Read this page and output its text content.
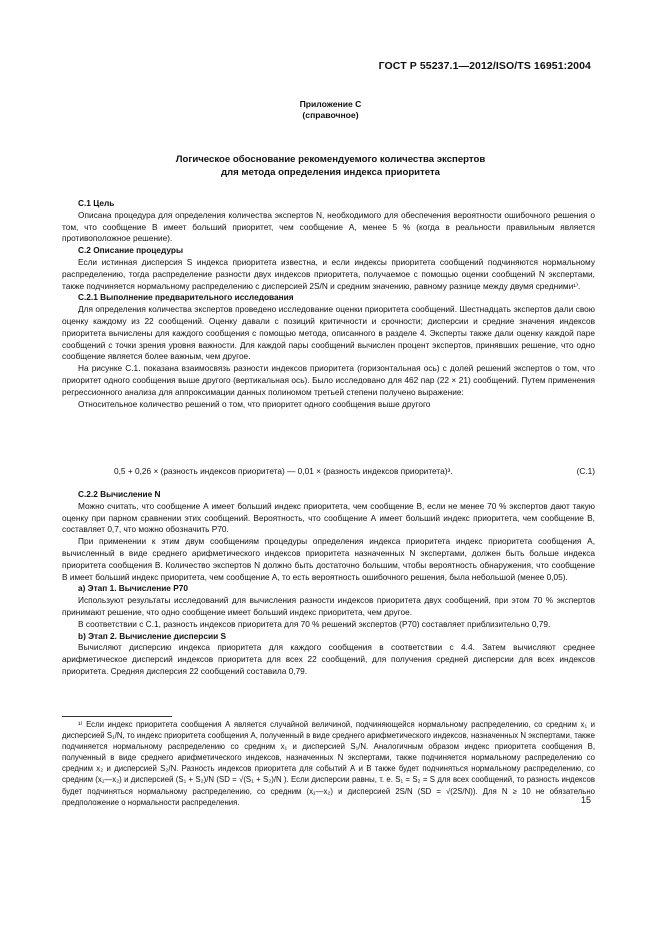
ГОСТ Р 55237.1—2012/ISO/TS 16951:2004
Приложение С
(справочное)
Логическое обоснование рекомендуемого количества экспертов
для метода определения индекса приоритета

С.1 Цель

Описана процедура для определения количества экспертов N, необходимого для обеспечения вероятности ошибочного решения о том, что сообщение В имеет больший приоритет, чем сообщение А, менее 5 % (когда в реальности правильным является противоположное решение).

С.2 Описание процедуры

Если истинная дисперсия S индекса приоритета известна, и если индексы приоритета сообщений подчиняются нормальному распределению, тогда распределение разности двух индексов приоритета, получаемое с помощью оценки сообщений N экспертами, также подчиняется нормальному распределению с дисперсией 2S/N и средним значению, равному разнице между двумя средними¹⁾.

С.2.1 Выполнение предварительного исследования

Для определения количества экспертов проведено исследование оценки приоритета сообщений. Шестнадцать экспертов дали свою оценку каждому из 22 сообщений. Оценку давали с позиций критичности и срочности; дисперсии и средние значения индексов приоритета вычислены для каждого сообщения с помощью метода, описанного в разделе 4. Эксперты также дали оценку каждой паре сообщений с точки зрения уровня важности. Для каждой пары сообщений вычислен процент экспертов, принявших решение, что одно сообщение является более важным, чем другое.

На рисунке С.1. показана взаимосвязь разности индексов приоритета (горизонтальная ось) с долей решений экспертов о том, что приоритет одного сообщения выше другого (вертикальная ось). Было исследовано для 462 пар (22 × 21) сообщений. Путем применения регрессионного анализа для аппроксимации данных полиномом третьей степени получено выражение:

Относительное количество решений о том, что приоритет одного сообщения выше другого

0,5 + 0,26 × (разность индексов приоритета) — 0,01 × (разность индексов приоритета)³.	(С.1)

С.2.2 Вычисление N

Можно считать, что сообщение А имеет больший индекс приоритета, чем сообщение В, если не менее 70 % экспертов дают такую оценку при парном сравнении этих сообщений. Вероятность, что сообщение А имеет больший индекс приоритета, чем сообщение В, составляет 0,7, что можно обозначить Р70.

При применении к этим двум сообщениям процедуры определения индекса приоритета индекс приоритета сообщения А, вычисленный в виде среднего арифметического индексов приоритета назначенных N экспертами, должен быть больше индекса приоритета сообщения В. Количество экспертов N должно быть достаточно большим, чтобы вероятность обнаружения, что сообщение В имеет больший индекс приоритета, чем сообщение А, то есть вероятность ошибочного решения, была небольшой (менее 0,05).

а) Этап 1. Вычисление Р70

Используют результаты исследований для вычисления разности индексов приоритета двух сообщений, при этом 70 % экспертов принимают решение, что одно сообщение имеет больший индекс приоритета, чем другое.

В соответствии с С.1, разность индексов приоритета для 70 % решений экспертов (Р70) составляет приблизительно 0,79.

b) Этап 2. Вычисление дисперсии S

Вычисляют дисперсию индекса приоритета для каждого сообщения в соответствии с 4.4. Затем вычисляют среднее арифметическое дисперсий индексов приоритета для всех 22 сообщений, для получения средней дисперсии для всех индексов приоритета. Средняя дисперсия 22 сообщений составила 0,79.

¹⁾ Если индекс приоритета сообщения А является случайной величиной, подчиняющейся нормальному распределению, со средним x₁ и дисперсией S₁/N, то индекс приоритета сообщения А, полученный в виде среднего арифметического индексов, назначенных N экспертами, также подчиняется нормальному распределению со средним x₁ и дисперсией S₁/N. Аналогичным образом индекс приоритета сообщения В, полученный в виде среднего арифметического индексов, назначенных N экспертами, также подчиняется нормальному распределению со средним x₂ и дисперсией S₂/N. Разность индексов приоритета для событий А и В также будет подчиняться нормальному распределению, со средним (x₁—x₂) и дисперсией (S₁ + S₂)/N (SD = √(S₁ + S₂)/N ). Если дисперсии равны, т. е. S₁ = S₂ = S для всех сообщений, то разность индексов будет подчиняться нормальному распределению, со средним (x₁—x₂) и дисперсией 2S/N (SD = √(2S/N)). Для N ≥ 10 не обязательно предположение о нормальности распределения.	15
